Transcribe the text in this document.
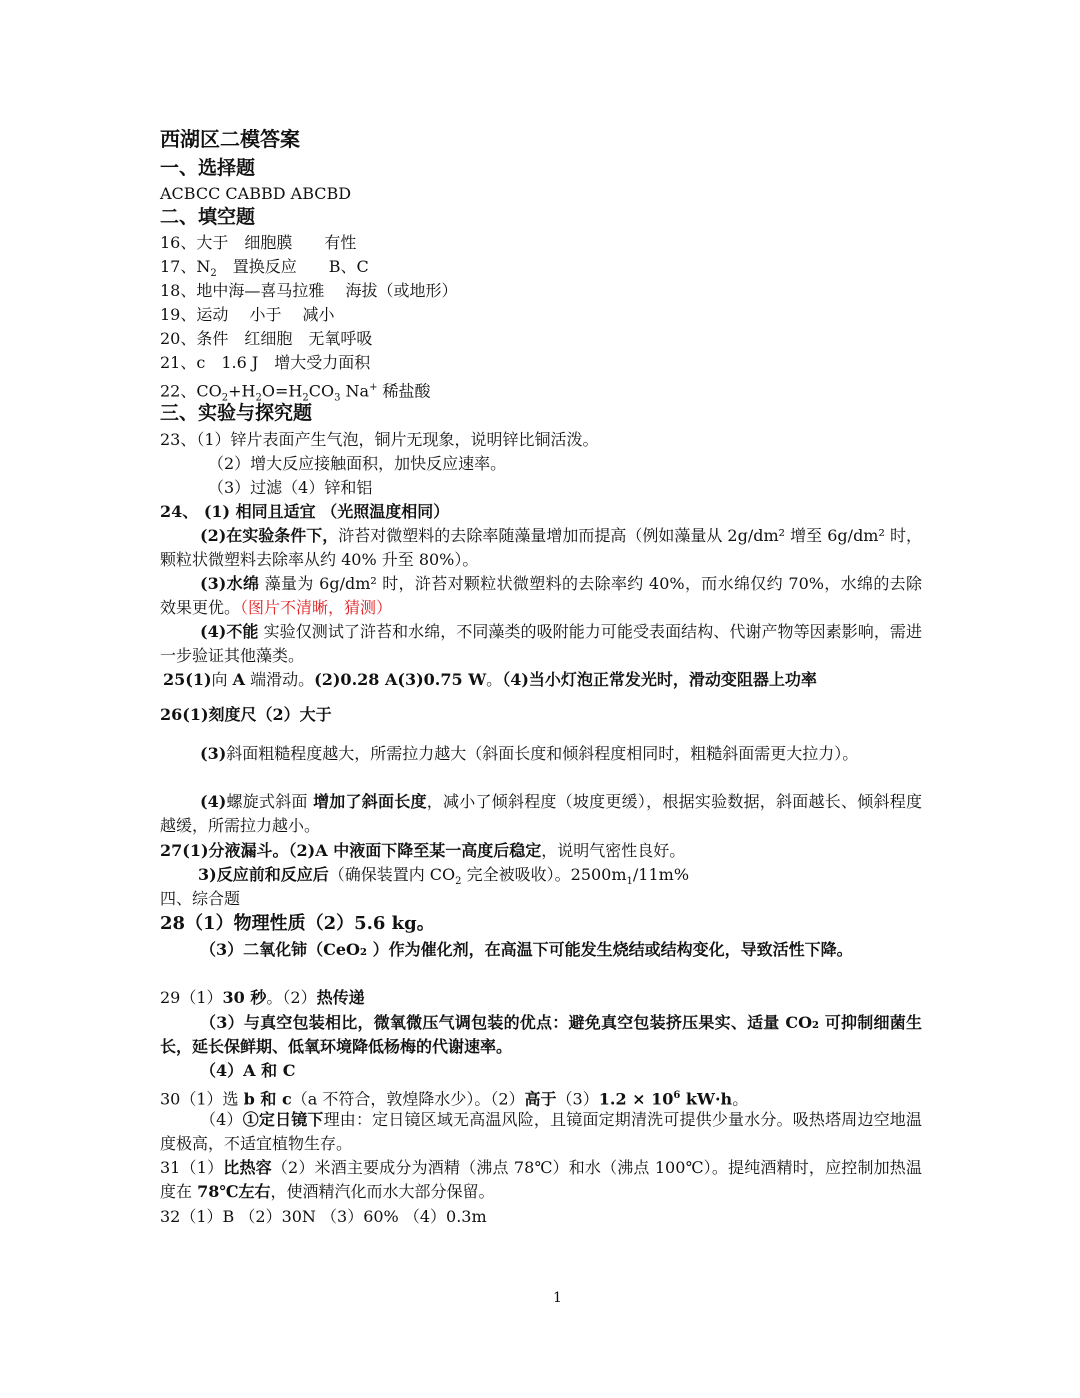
西湖区二模答案
一、选择题
ACBCC CABBD ABCBD
二、填空题
16、大于　细胞膜　　有性
17、$N_2$　置换反应　　B、C
18、地中海—喜马拉雅　 海拔（或地形）
19、运动　 小于　 减小
20、条件　红细胞　无氧呼吸
21、c　1.6 J　增大受力面积
22、$CO_2+H_2O=H_2CO_3$ Na+ 稀盐酸
三、实验与探究题
23、（1）锌片表面产生气泡，铜片无现象，说明锌比铜活泼。
（2）增大反应接触面积，加快反应速率。
（3）过滤（4）锌和铝
24、 (1) 相同且适宜 （光照温度相同）
(2)在实验条件下，浒苔对微塑料的去除率随藻量增加而提高（例如藻量从 2g/dm² 增至 6g/dm² 时，颗粒状微塑料去除率从约 40% 升至 80%）。
(3)水绵 藻量为 6g/dm² 时，浒苔对颗粒状微塑料的去除率约 40%，而水绵仅约 70%，水绵的去除效果更优。（图片不清晰，猜测）
(4)不能 实验仅测试了浒苔和水绵，不同藻类的吸附能力可能受表面结构、代谢产物等因素影响，需进一步验证其他藻类。
25(1)向 A 端滑动。(2)0.28 A(3)0.75 W。（4)当小灯泡正常发光时，滑动变阻器上功率
26(1)刻度尺（2）大于
(3)斜面粗糙程度越大，所需拉力越大（斜面长度和倾斜程度相同时，粗糙斜面需更大拉力）。
(4)螺旋式斜面 增加了斜面长度，减小了倾斜程度（坡度更缓），根据实验数据，斜面越长、倾斜程度越缓，所需拉力越小。
27(1)分液漏斗。（2)A 中液面下降至某一高度后稳定，说明气密性良好。
3)反应前和反应后（确保装置内 $CO_2$ 完全被吸收）。$2500m_1/11m\%$
四、综合题
28（1）物理性质（2）5.6 kg。
（3）二氧化铈（CeO₂ ）作为催化剂，在高温下可能发生烧结或结构变化，导致活性下降。
29（1）30 秒。（2）热传递
（3）与真空包装相比，微氧微压气调包装的优点：避免真空包装挤压果实、适量 CO₂ 可抑制细菌生长，延长保鲜期、低氧环境降低杨梅的代谢速率。
（4）A 和 C
30（1）选 b 和 c（a 不符合，敦煌降水少）。（2）高于$(3)1.2 \times 10^6$ kW·h。
（4）①定日镜下理由：定日镜区域无高温风险，且镜面定期清洗可提供少量水分。吸热塔周边空地温度极高，不适宜植物生存。
31（1）比热容（2）米酒主要成分为酒精（沸点 78℃）和水（沸点 100℃）。提纯酒精时，应控制加热温度在 78℃左右，使酒精汽化而水大部分保留。
32（1）B （2）30N （3）60% （4）0.3m
1
